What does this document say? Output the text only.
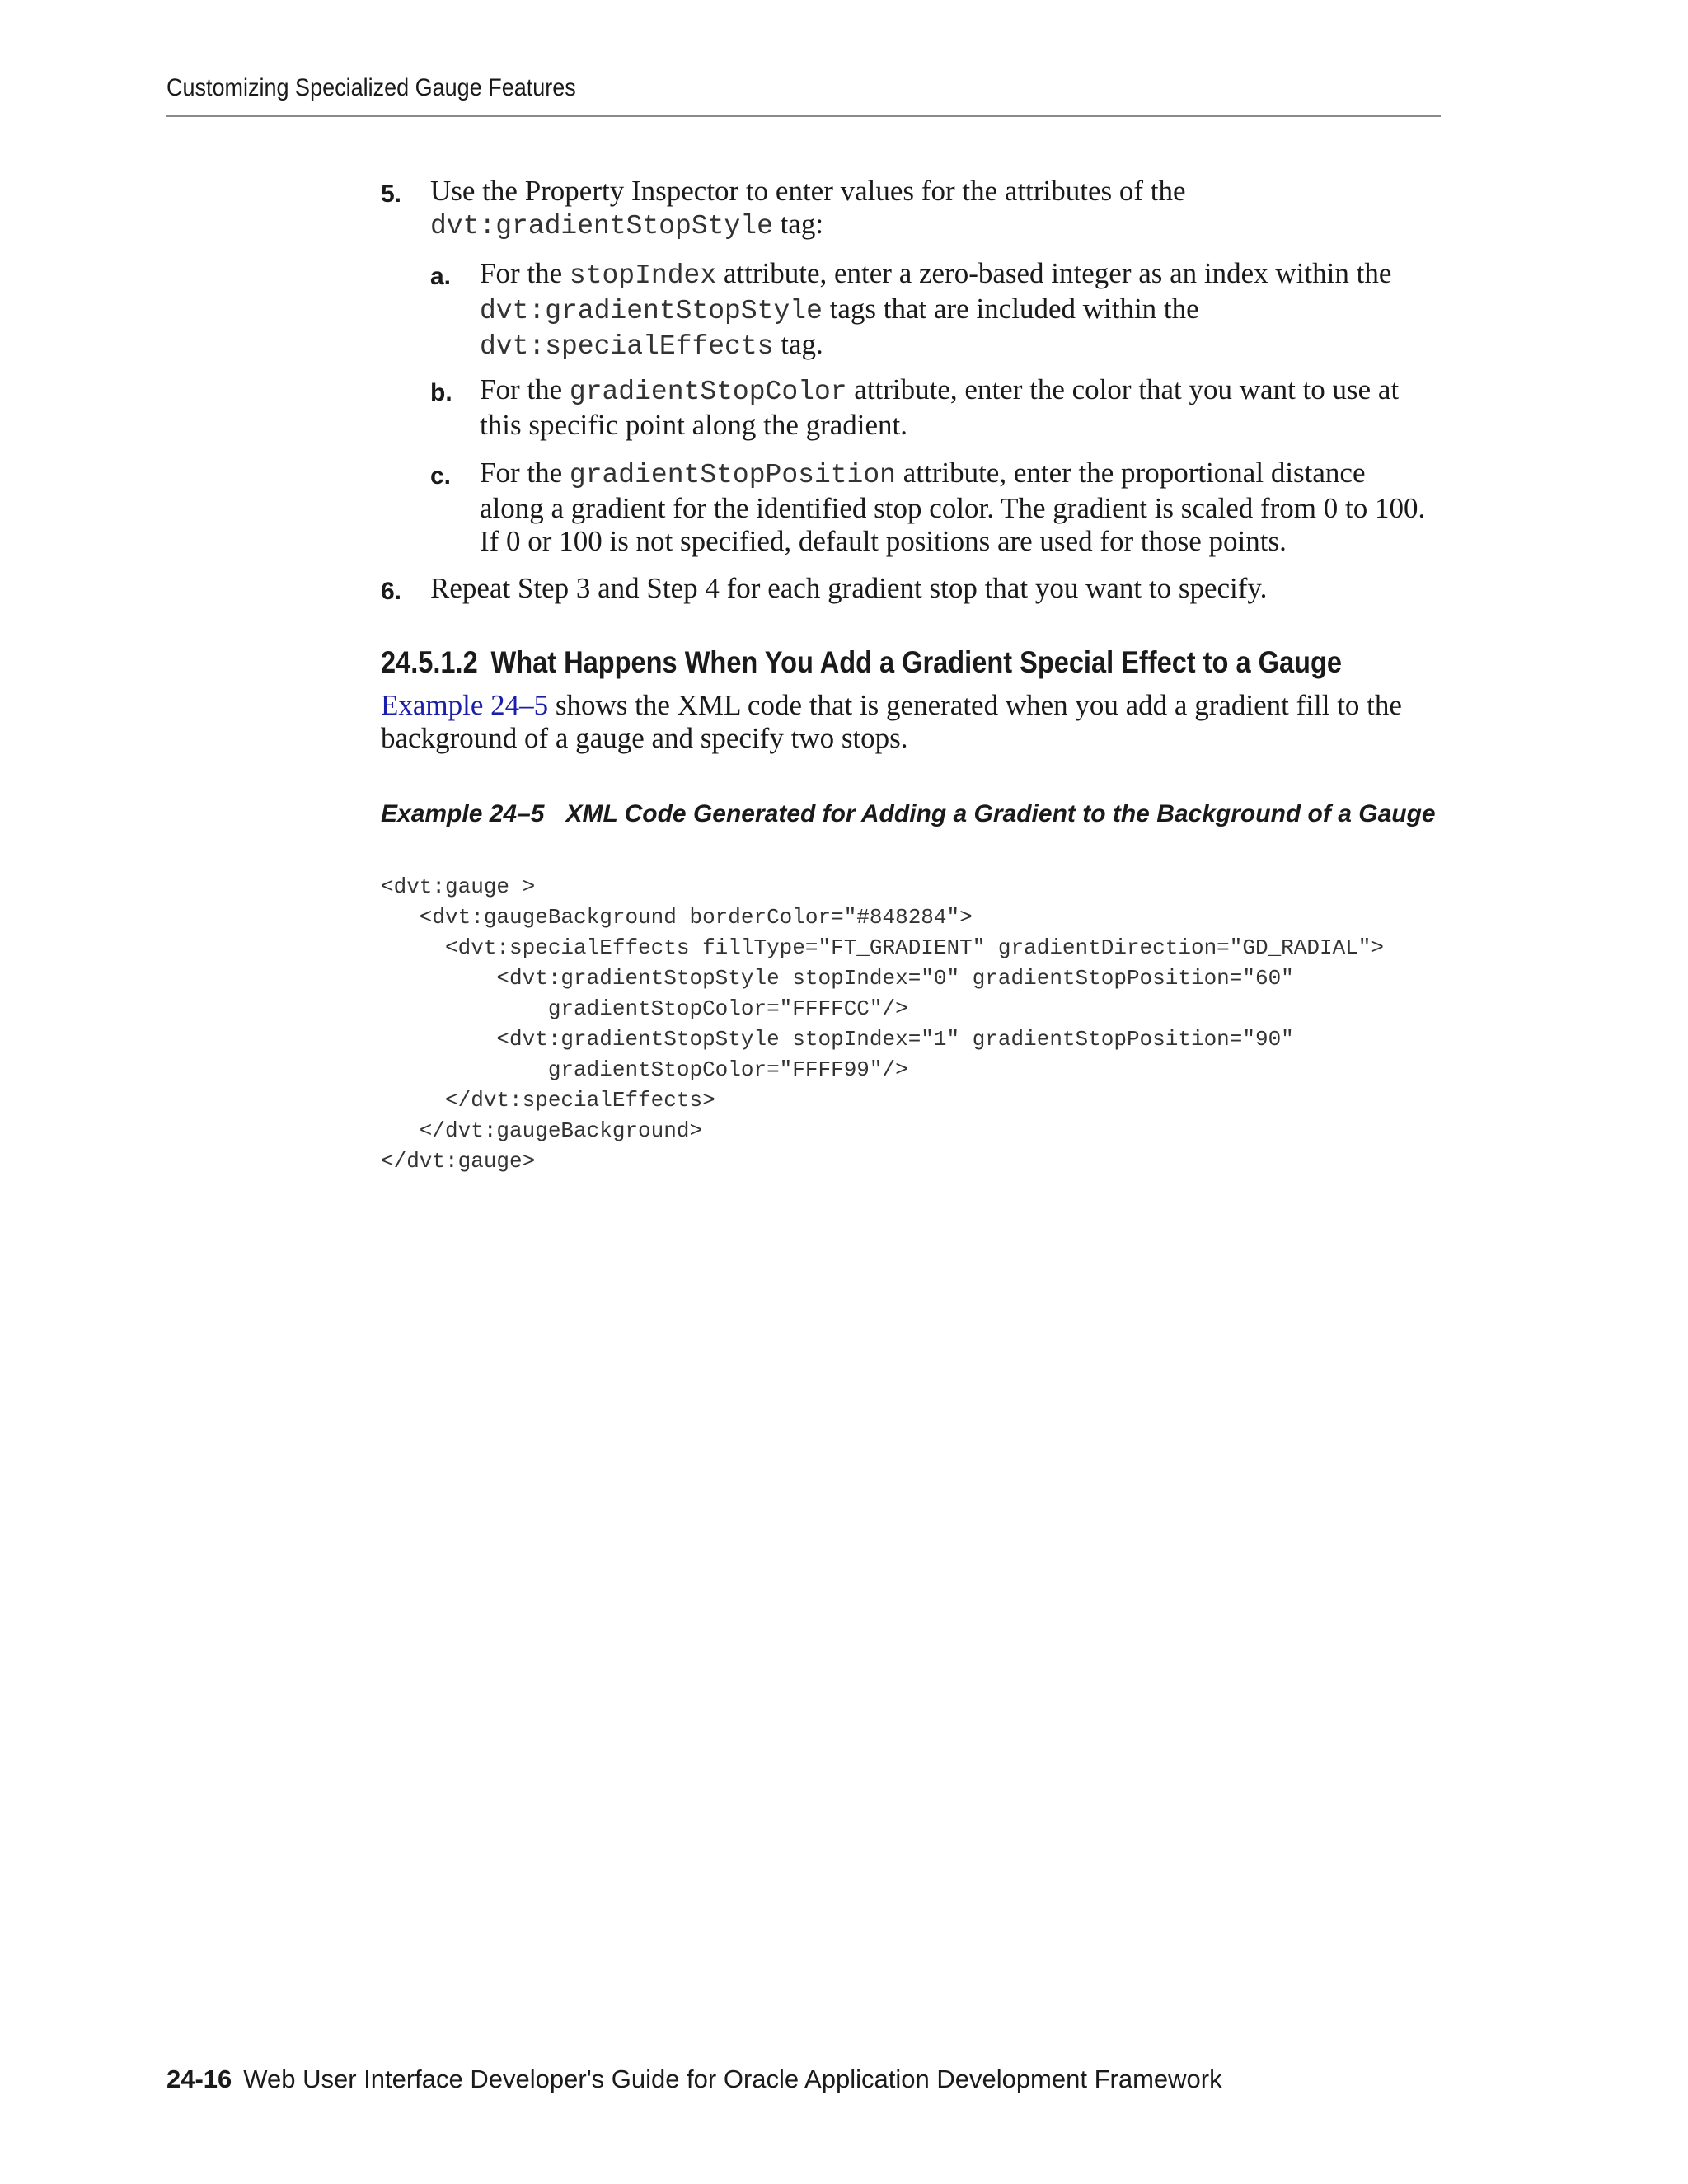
Customizing Specialized Gauge Features
5. Use the Property Inspector to enter values for the attributes of the
dvt:gradientStopStyle tag:
a. For the stopIndex attribute, enter a zero-based integer as an index within the
dvt:gradientStopStyle tags that are included within the
dvt:specialEffects tag.
b. For the gradientStopColor attribute, enter the color that you want to use at this specific point along the gradient.
c. For the gradientStopPosition attribute, enter the proportional distance along a gradient for the identified stop color. The gradient is scaled from 0 to 100. If 0 or 100 is not specified, default positions are used for those points.
6. Repeat Step 3 and Step 4 for each gradient stop that you want to specify.
24.5.1.2 What Happens When You Add a Gradient Special Effect to a Gauge
Example 24–5 shows the XML code that is generated when you add a gradient fill to the background of a gauge and specify two stops.
Example 24–5 XML Code Generated for Adding a Gradient to the Background of a Gauge
<dvt:gauge >
<dvt:gaugeBackground borderColor="#848284">
<dvt:specialEffects fillType="FT_GRADIENT" gradientDirection="GD_RADIAL">
<dvt:gradientStopStyle stopIndex="0" gradientStopPosition="60"
gradientStopColor="FFFFCC"/>
<dvt:gradientStopStyle stopIndex="1" gradientStopPosition="90"
gradientStopColor="FFFF99"/>
</dvt:specialEffects>
</dvt:gaugeBackground>
</dvt:gauge>
24-16 Web User Interface Developer's Guide for Oracle Application Development Framework
